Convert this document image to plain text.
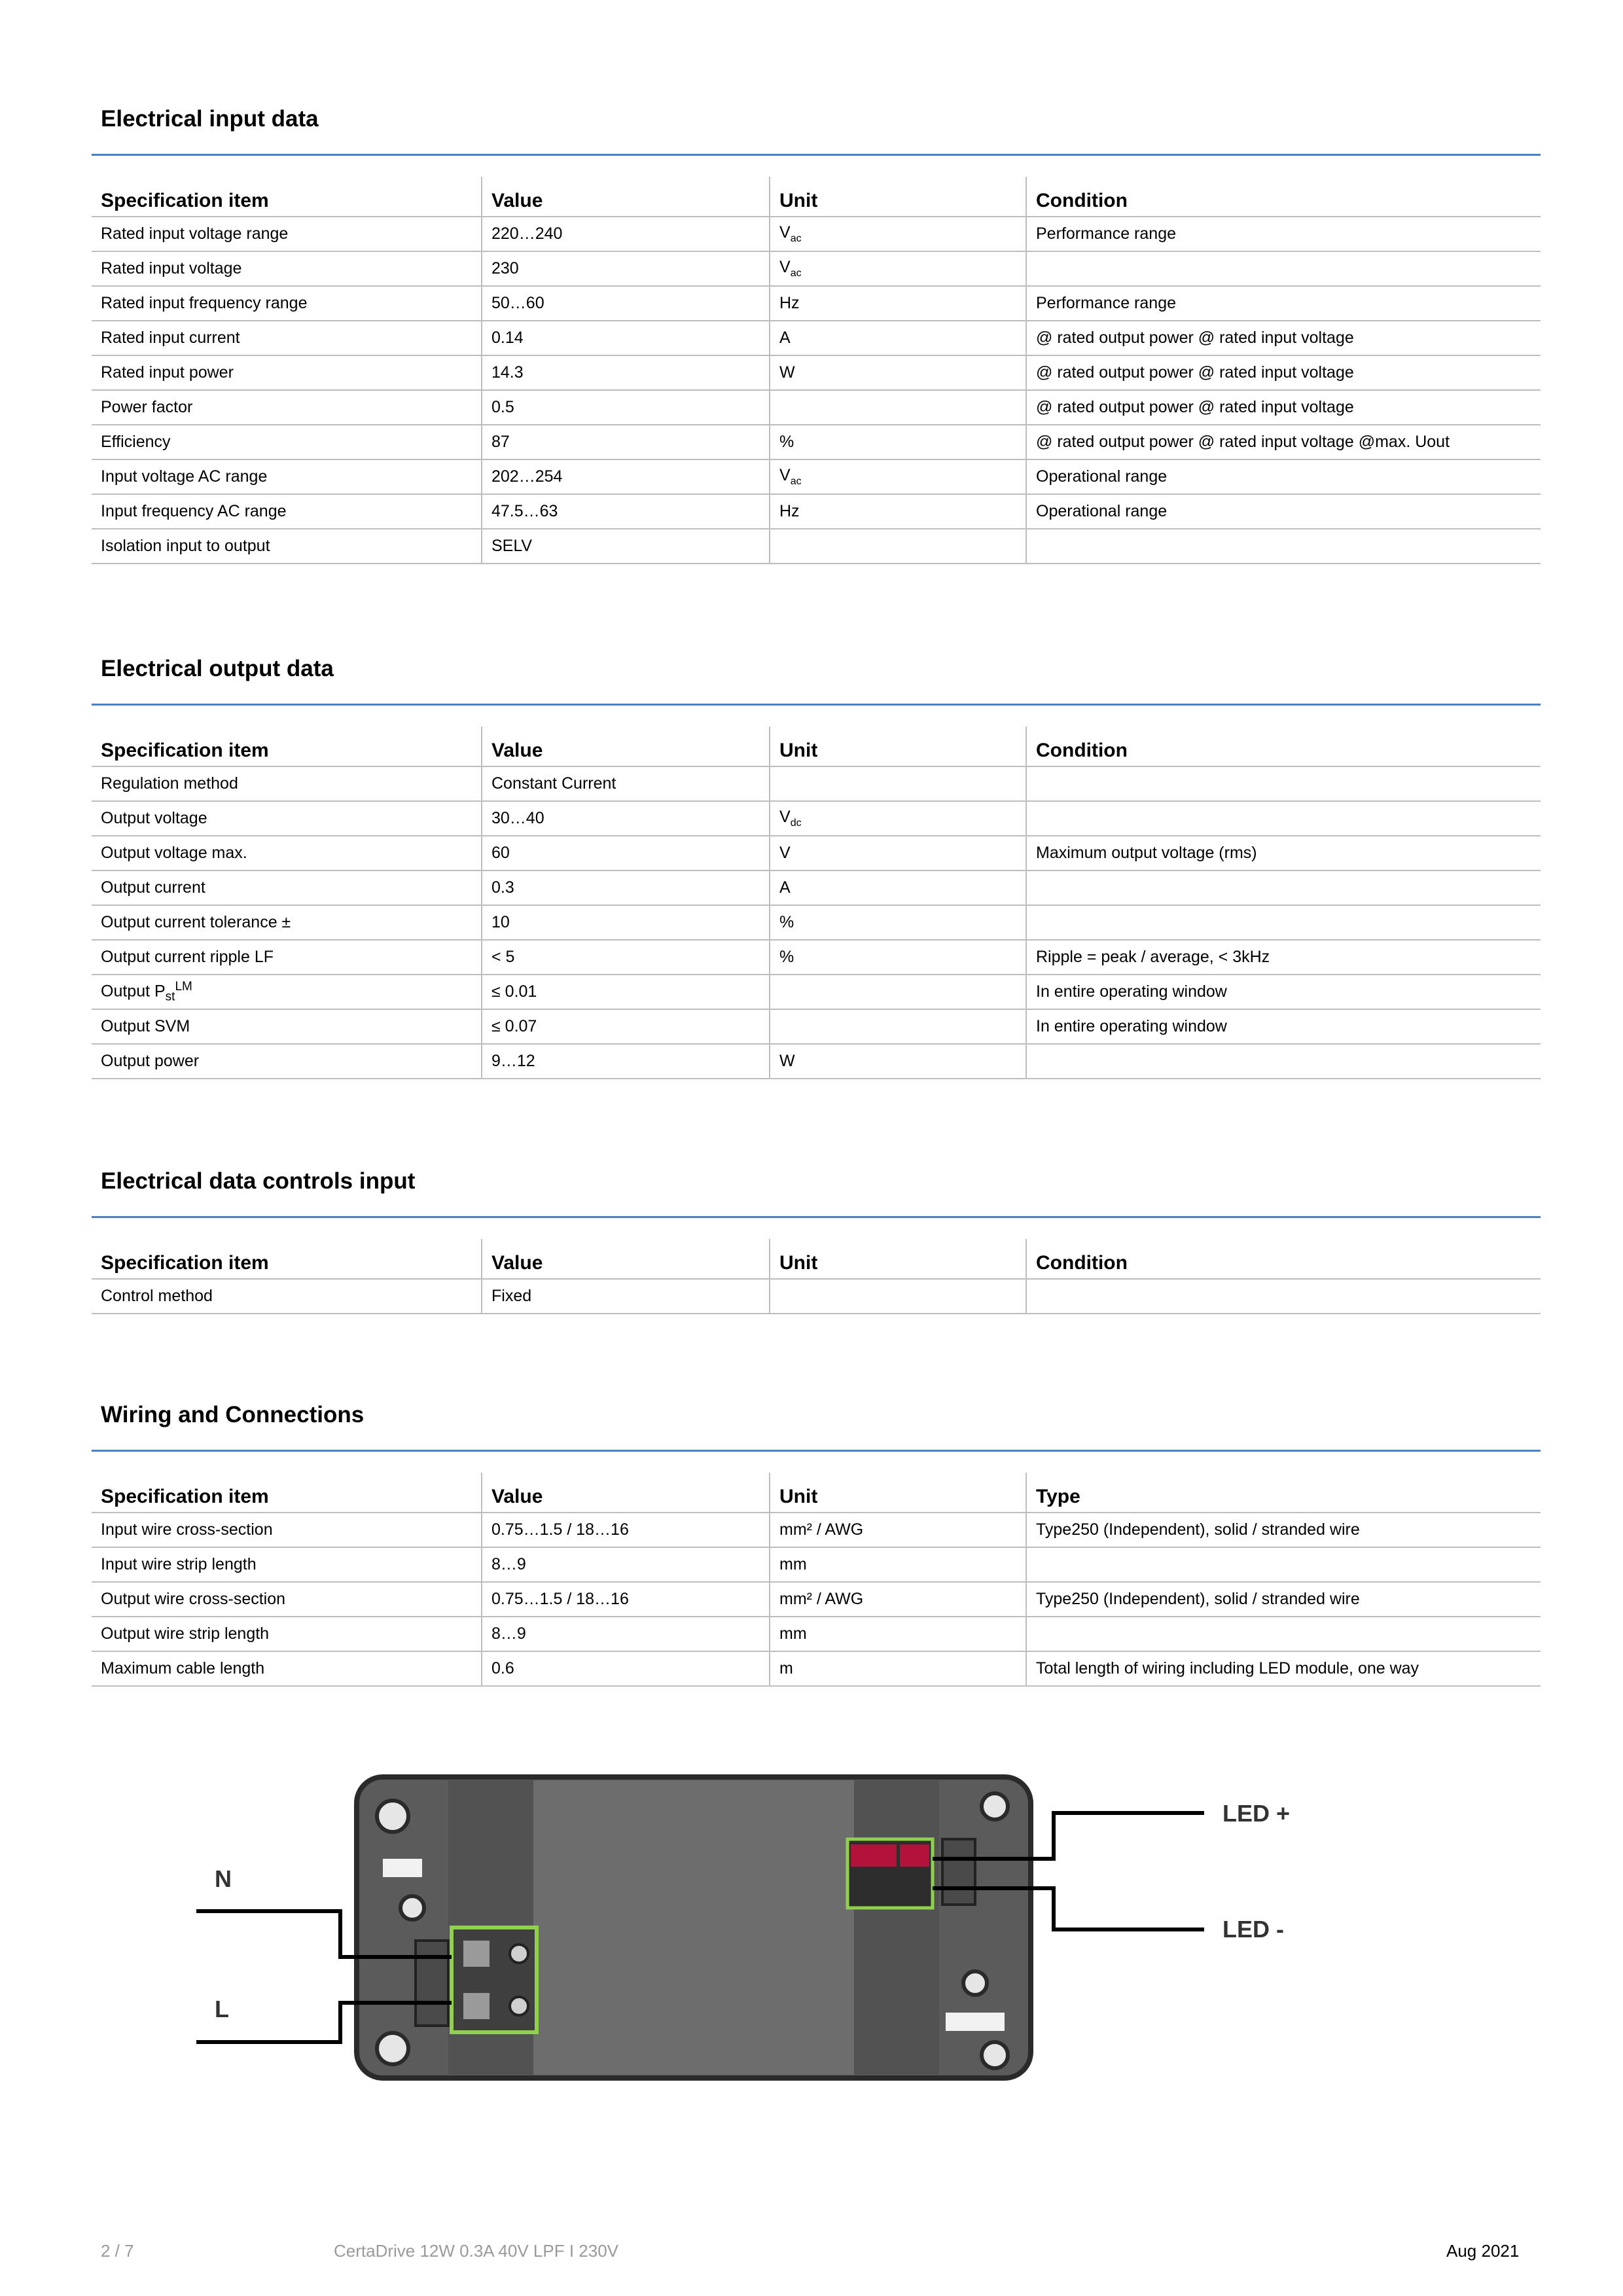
Electrical input data
Specification item	Value	Unit	Condition
Rated input voltage range	220…240	$V_{ac}$	Performance range
Rated input voltage	230	$V_{ac}$	
Rated input frequency range	50…60	Hz	Performance range
Rated input current	0.14	A	@ rated output power @ rated input voltage
Rated input power	14.3	W	@ rated output power @ rated input voltage
Power factor	0.5		@ rated output power @ rated input voltage
Efficiency	87	%	@ rated output power @ rated input voltage @max. Uout
Input voltage AC range	202…254	$V_{ac}$	Operational range
Input frequency AC range	47.5…63	Hz	Operational range
Isolation input to output	SELV		
Electrical output data
Specification item	Value	Unit	Condition
Regulation method	Constant Current		
Output voltage	30…40	$V_{dc}$	
Output voltage max.	60	V	Maximum output voltage (rms)
Output current	0.3	A	
Output current tolerance ±	10	%	
Output current ripple LF	< 5	%	Ripple = peak / average, < 3kHz
Output $P_{st}^{LM}$	≤ 0.01		In entire operating window
Output SVM	≤ 0.07		In entire operating window
Output power	9…12	W	
Electrical data controls input
Specification item	Value	Unit	Condition
Control method	Fixed		
Wiring and Connections
Specification item	Value	Unit	Type
Input wire cross-section	0.75…1.5 / 18…16	mm² / AWG	Type250 (Independent), solid / stranded wire
Input wire strip length	8…9	mm	
Output wire cross-section	0.75…1.5 / 18…16	mm² / AWG	Type250 (Independent), solid / stranded wire
Output wire strip length	8…9	mm	
Maximum cable length	0.6	m	Total length of wiring including LED module, one way
N
L
LED +
LED -
2 / 7	CertaDrive 12W 0.3A 40V LPF I 230V	Aug 2021
